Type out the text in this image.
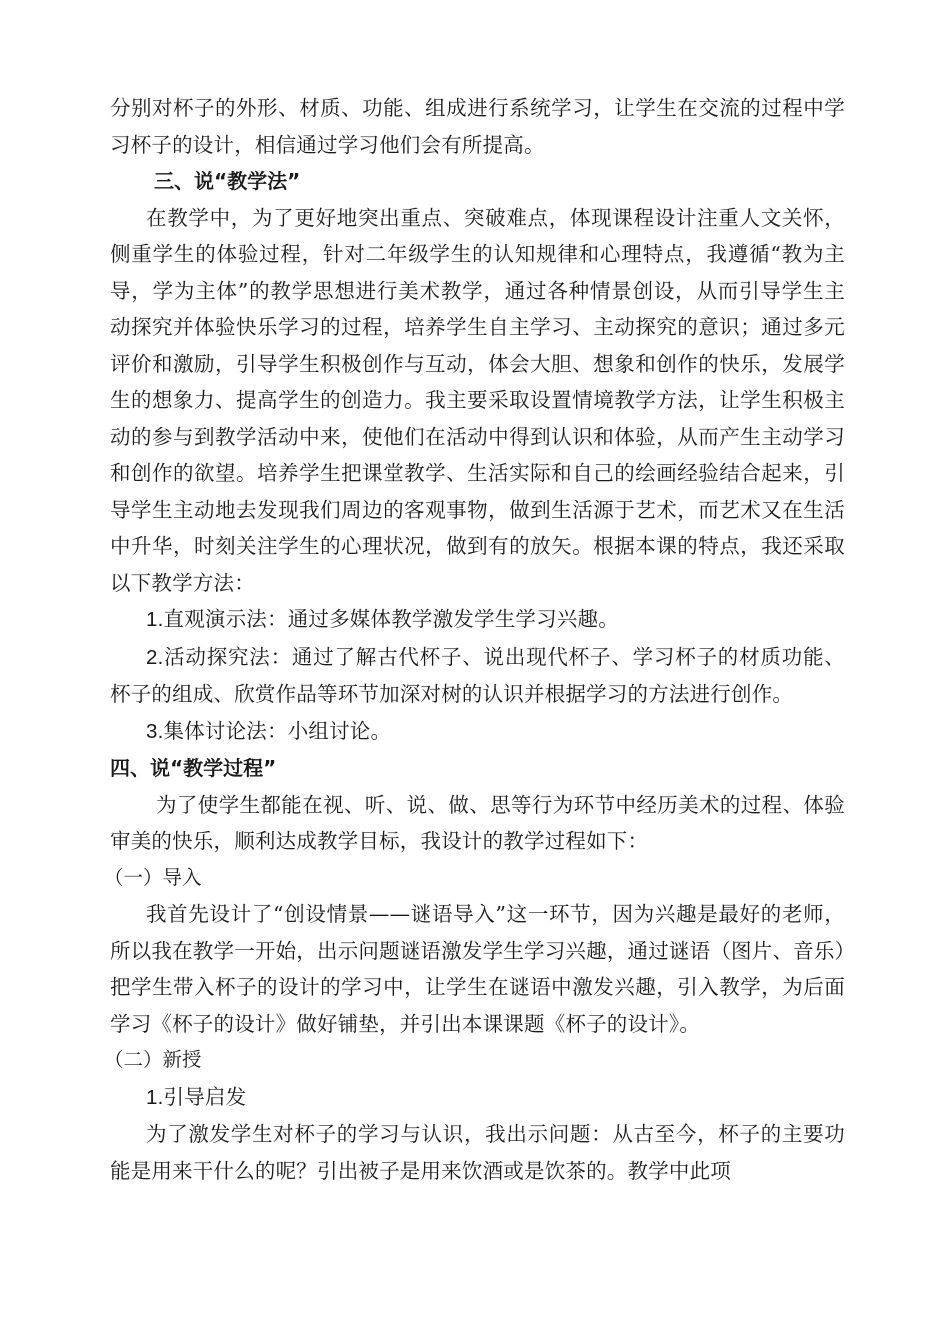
分别对杯子的外形、材质、功能、组成进行系统学习，让学生在交流的过程中学习杯子的设计，相信通过学习他们会有所提高。

三、说“教学法”

在教学中，为了更好地突出重点、突破难点，体现课程设计注重人文关怀，侧重学生的体验过程，针对二年级学生的认知规律和心理特点，我遵循“教为主导，学为主体”的教学思想进行美术教学，通过各种情景创设，从而引导学生主动探究并体验快乐学习的过程，培养学生自主学习、主动探究的意识；通过多元评价和激励，引导学生积极创作与互动，体会大胆、想象和创作的快乐，发展学生的想象力、提高学生的创造力。我主要采取设置情境教学方法，让学生积极主动的参与到教学活动中来，使他们在活动中得到认识和体验，从而产生主动学习和创作的欲望。培养学生把课堂教学、生活实际和自己的绘画经验结合起来，引导学生主动地去发现我们周边的客观事物，做到生活源于艺术，而艺术又在生活中升华，时刻关注学生的心理状况，做到有的放矢。根据本课的特点，我还采取以下教学方法：

1.直观演示法：通过多媒体教学激发学生学习兴趣。

2.活动探究法：通过了解古代杯子、说出现代杯子、学习杯子的材质功能、杯子的组成、欣赏作品等环节加深对树的认识并根据学习的方法进行创作。

3.集体讨论法：小组讨论。

四、说“教学过程”

为了使学生都能在视、听、说、做、思等行为环节中经历美术的过程、体验审美的快乐，顺利达成教学目标，我设计的教学过程如下：

（一）导入

我首先设计了“创设情景——谜语导入”这一环节，因为兴趣是最好的老师，所以我在教学一开始，出示问题谜语激发学生学习兴趣，通过谜语（图片、音乐）把学生带入杯子的设计的学习中，让学生在谜语中激发兴趣，引入教学，为后面学习《杯子的设计》做好铺垫，并引出本课课题《杯子的设计》。

（二）新授

1.引导启发

为了激发学生对杯子的学习与认识，我出示问题：从古至今，杯子的主要功能是用来干什么的呢？引出被子是用来饮酒或是饮茶的。教学中此项
